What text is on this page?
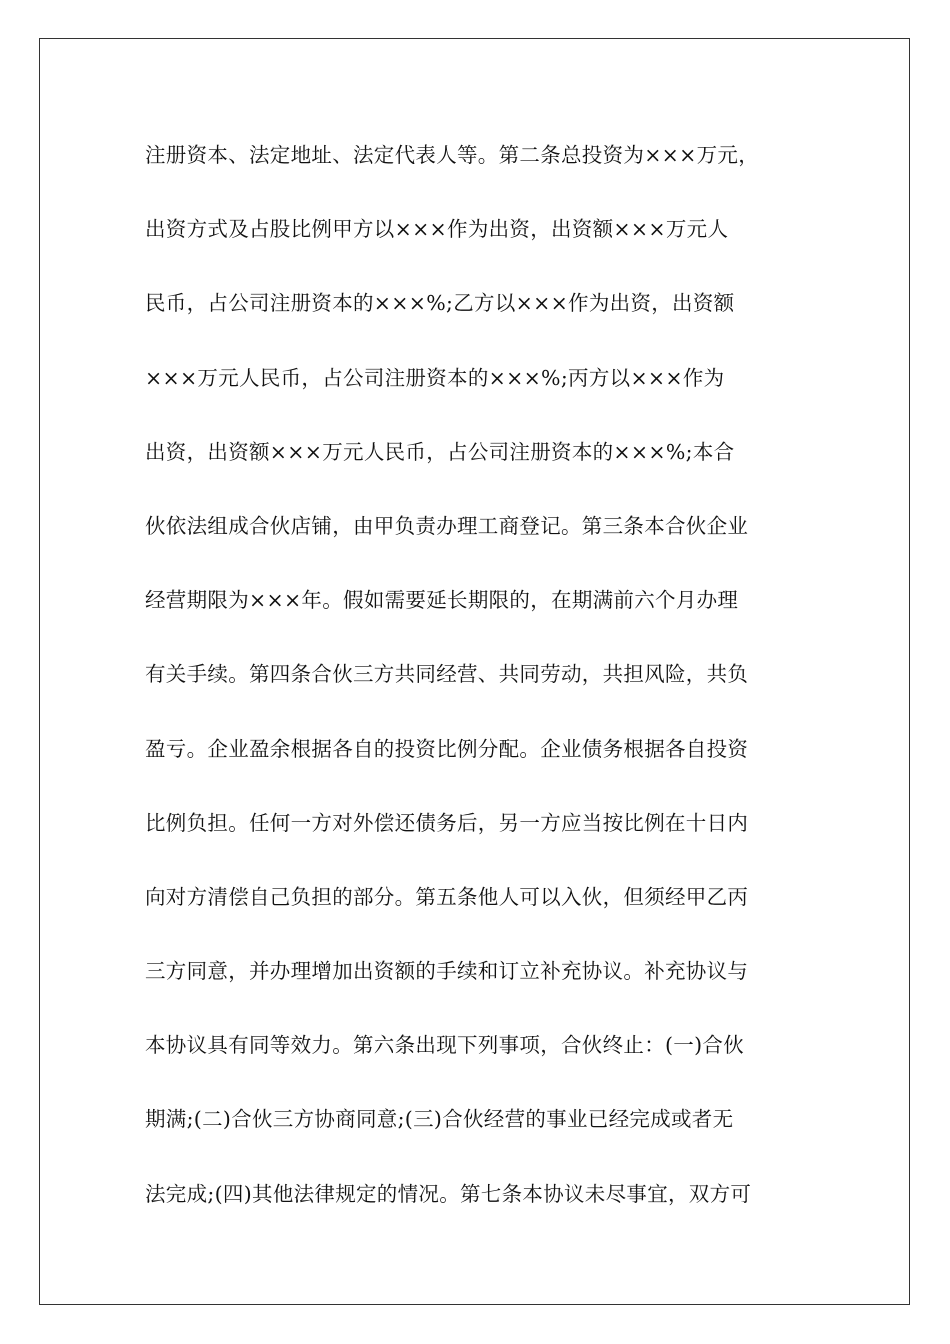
注册资本、法定地址、法定代表人等。第二条总投资为×××万元，
出资方式及占股比例甲方以×××作为出资，出资额×××万元人
民币，占公司注册资本的×××%;乙方以×××作为出资，出资额
×××万元人民币，占公司注册资本的×××%;丙方以×××作为
出资，出资额×××万元人民币，占公司注册资本的×××%;本合
伙依法组成合伙店铺，由甲负责办理工商登记。第三条本合伙企业
经营期限为×××年。假如需要延长期限的，在期满前六个月办理
有关手续。第四条合伙三方共同经营、共同劳动，共担风险，共负
盈亏。企业盈余根据各自的投资比例分配。企业债务根据各自投资
比例负担。任何一方对外偿还债务后，另一方应当按比例在十日内
向对方清偿自己负担的部分。第五条他人可以入伙，但须经甲乙丙
三方同意，并办理增加出资额的手续和订立补充协议。补充协议与
本协议具有同等效力。第六条出现下列事项，合伙终止：(一)合伙
期满;(二)合伙三方协商同意;(三)合伙经营的事业已经完成或者无
法完成;(四)其他法律规定的情况。第七条本协议未尽事宜，双方可
